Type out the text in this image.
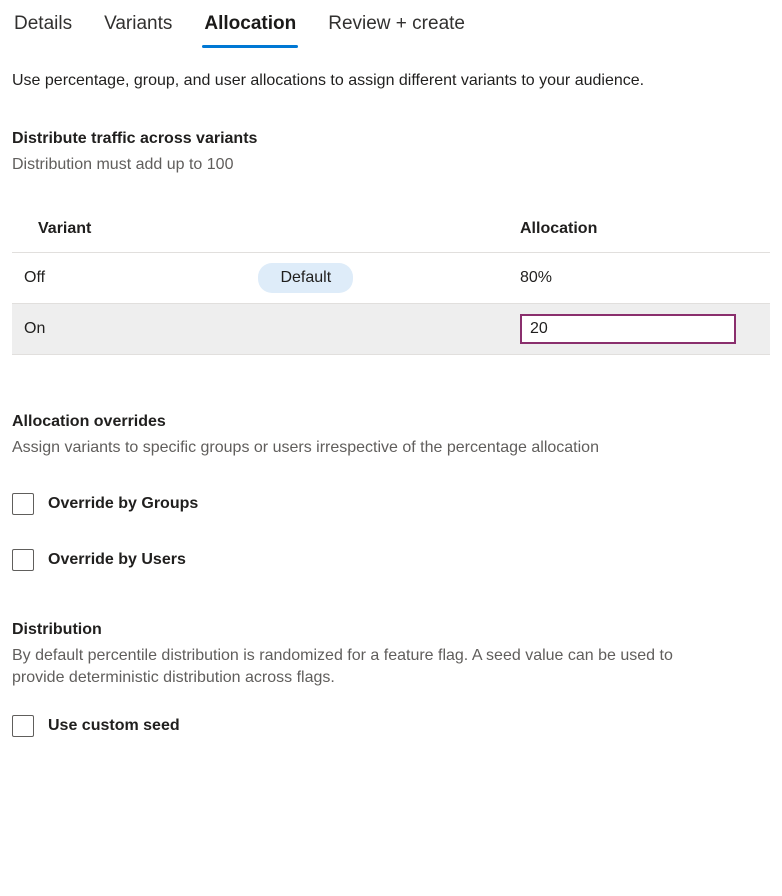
Details Variants Allocation Review + create
Use percentage, group, and user allocations to assign different variants to your audience.
Distribute traffic across variants
Distribution must add up to 100
Variant	Allocation
Off Default	80%
On	20
Allocation overrides
Assign variants to specific groups or users irrespective of the percentage allocation
Override by Groups
Override by Users
Distribution
By default percentile distribution is randomized for a feature flag. A seed value can be used to provide deterministic distribution across flags.
Use custom seed
